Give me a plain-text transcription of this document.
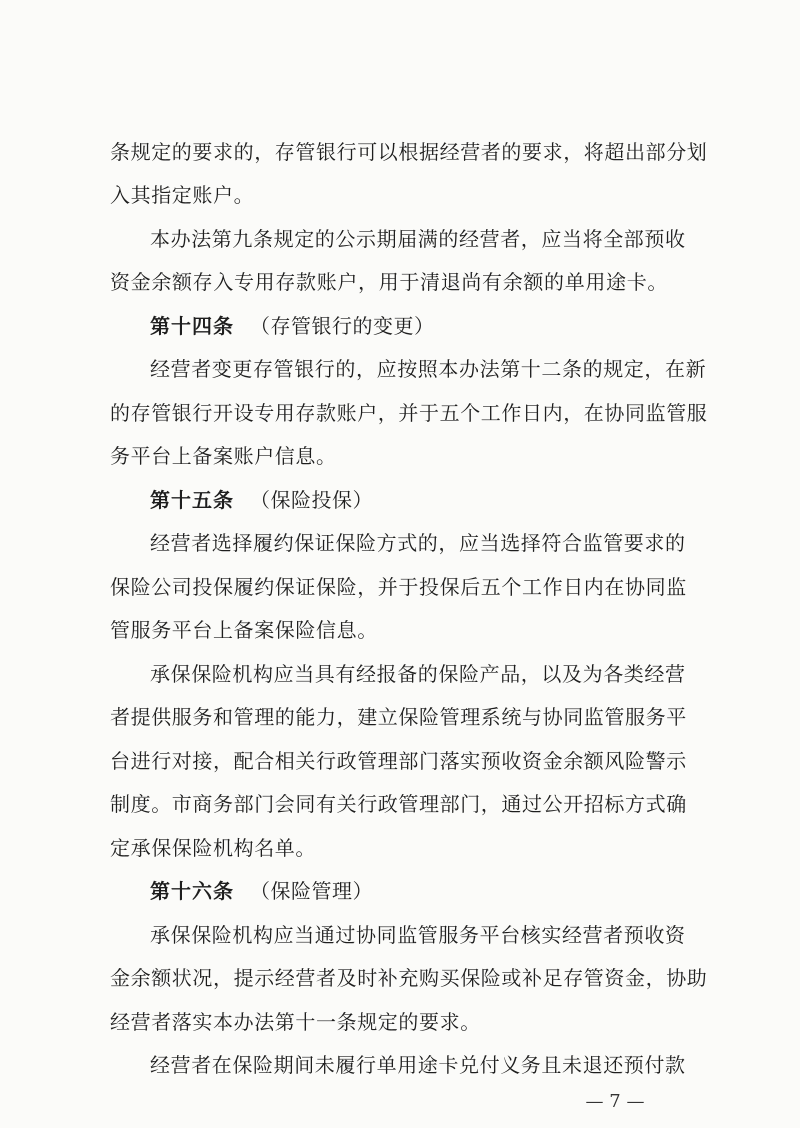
条规定的要求的，存管银行可以根据经营者的要求，将超出部分划
入其指定账户。
本办法第九条规定的公示期届满的经营者，应当将全部预收
资金余额存入专用存款账户，用于清退尚有余额的单用途卡。
第十四条 （存管银行的变更）
经营者变更存管银行的，应按照本办法第十二条的规定，在新
的存管银行开设专用存款账户，并于五个工作日内，在协同监管服
务平台上备案账户信息。
第十五条 （保险投保）
经营者选择履约保证保险方式的，应当选择符合监管要求的
保险公司投保履约保证保险，并于投保后五个工作日内在协同监
管服务平台上备案保险信息。
承保保险机构应当具有经报备的保险产品，以及为各类经营
者提供服务和管理的能力，建立保险管理系统与协同监管服务平
台进行对接，配合相关行政管理部门落实预收资金余额风险警示
制度。市商务部门会同有关行政管理部门，通过公开招标方式确
定承保保险机构名单。
第十六条 （保险管理）
— 7 —
承保保险机构应当通过协同监管服务平台核实经营者预收资
金余额状况，提示经营者及时补充购买保险或补足存管资金，协助
经营者落实本办法第十一条规定的要求。
经营者在保险期间未履行单用途卡兑付义务且未退还预付款
